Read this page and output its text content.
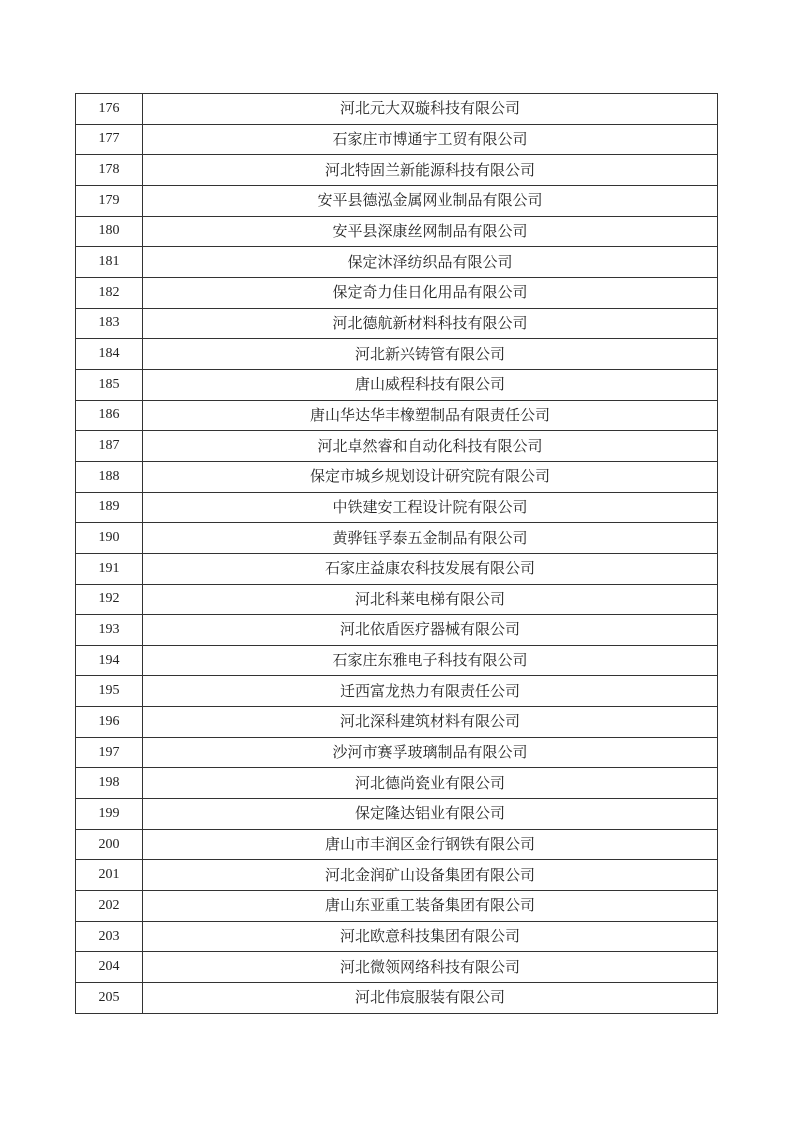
176	河北元大双璇科技有限公司
177	石家庄市博通宇工贸有限公司
178	河北特固兰新能源科技有限公司
179	安平县德泓金属网业制品有限公司
180	安平县深康丝网制品有限公司
181	保定沐泽纺织品有限公司
182	保定奇力佳日化用品有限公司
183	河北德航新材料科技有限公司
184	河北新兴铸管有限公司
185	唐山威程科技有限公司
186	唐山华达华丰橡塑制品有限责任公司
187	河北卓然睿和自动化科技有限公司
188	保定市城乡规划设计研究院有限公司
189	中铁建安工程设计院有限公司
190	黄骅钰孚泰五金制品有限公司
191	石家庄益康农科技发展有限公司
192	河北科莱电梯有限公司
193	河北依盾医疗器械有限公司
194	石家庄东雅电子科技有限公司
195	迁西富龙热力有限责任公司
196	河北深科建筑材料有限公司
197	沙河市赛孚玻璃制品有限公司
198	河北德尚瓷业有限公司
199	保定隆达铝业有限公司
200	唐山市丰润区金行钢铁有限公司
201	河北金润矿山设备集团有限公司
202	唐山东亚重工装备集团有限公司
203	河北欧意科技集团有限公司
204	河北微领网络科技有限公司
205	河北伟宸服装有限公司
